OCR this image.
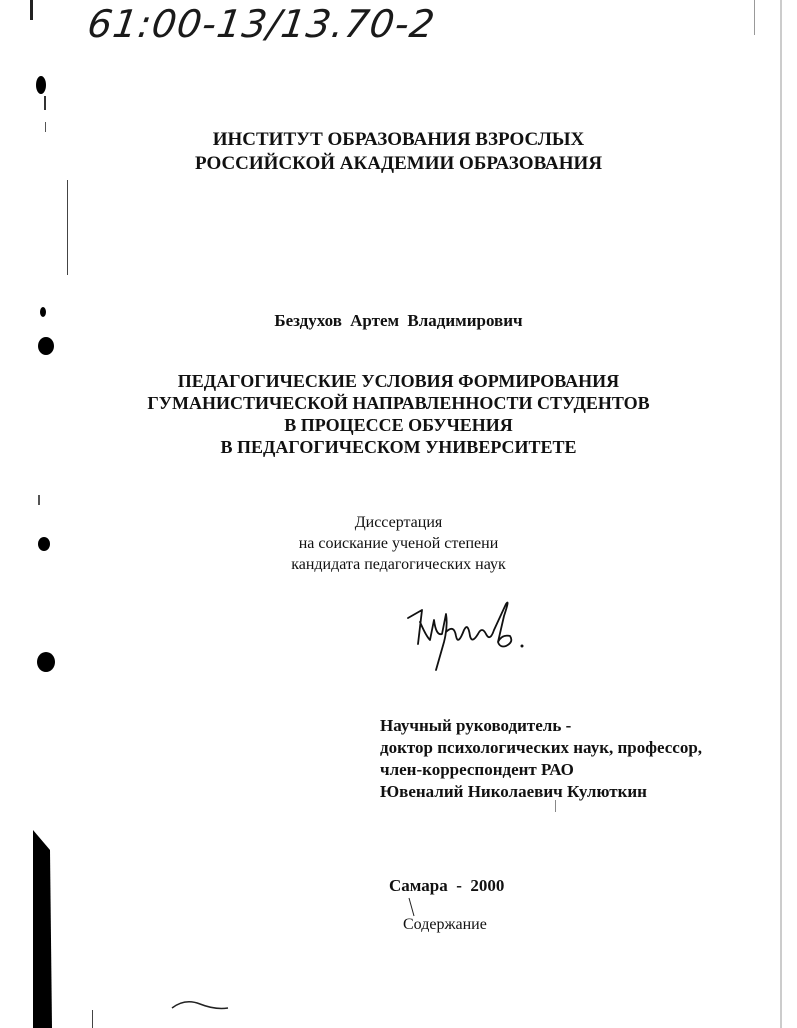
61:00-13/13.70-2
ИНСТИТУТ ОБРАЗОВАНИЯ ВЗРОСЛЫХ
РОССИЙСКОЙ АКАДЕМИИ ОБРАЗОВАНИЯ
Бездухов Артем Владимирович
ПЕДАГОГИЧЕСКИЕ УСЛОВИЯ ФОРМИРОВАНИЯ
ГУМАНИСТИЧЕСКОЙ НАПРАВЛЕННОСТИ СТУДЕНТОВ
В ПРОЦЕССЕ ОБУЧЕНИЯ
В ПЕДАГОГИЧЕСКОМ УНИВЕРСИТЕТЕ
Диссертация
на соискание ученой степени
кандидата педагогических наук
Научный руководитель -
доктор психологических наук, профессор,
член-корреспондент РАО
Ювеналий Николаевич Кулюткин
Самара  -  2000
Содержание
